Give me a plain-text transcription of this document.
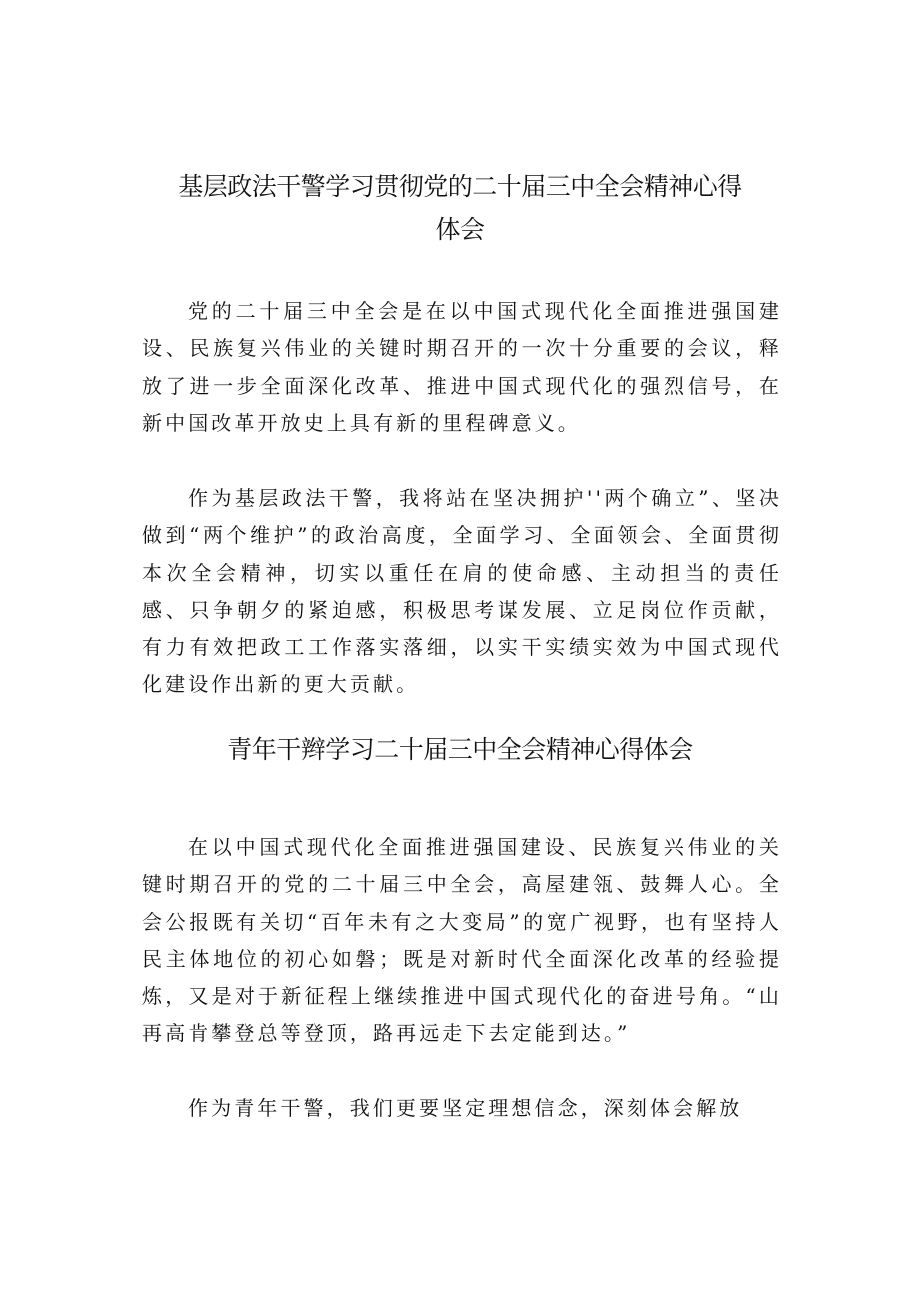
基层政法干警学习贯彻党的二十届三中全会精神心得
体会

党的二十届三中全会是在以中国式现代化全面推进强国建设、民族复兴伟业的关键时期召开的一次十分重要的会议，释放了进一步全面深化改革、推进中国式现代化的强烈信号，在新中国改革开放史上具有新的里程碑意义。

作为基层政法干警，我将站在坚决拥护''两个确立”、坚决做到“两个维护”的政治高度，全面学习、全面领会、全面贯彻本次全会精神，切实以重任在肩的使命感、主动担当的责任感、只争朝夕的紧迫感，积极思考谋发展、立足岗位作贡献，有力有效把政工工作落实落细，以实干实绩实效为中国式现代化建设作出新的更大贡献。

青年干辫学习二十届三中全会精神心得体会

在以中国式现代化全面推进强国建设、民族复兴伟业的关键时期召开的党的二十届三中全会，高屋建瓴、鼓舞人心。全会公报既有关切“百年未有之大变局”的宽广视野，也有坚持人民主体地位的初心如磐；既是对新时代全面深化改革的经验提炼，又是对于新征程上继续推进中国式现代化的奋进号角。“山再高肯攀登总等登顶，路再远走下去定能到达。”

作为青年干警，我们更要坚定理想信念，深刻体会解放
